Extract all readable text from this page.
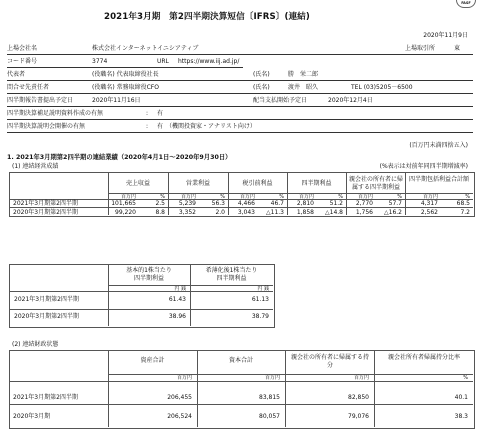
FASF
2021年3月期　第2四半期決算短信〔IFRS〕(連結)
2020年11月9日
上場会社名	株式会社インターネットイニシアティブ	上場取引所	東
コード番号	3774	URL https://www.iij.ad.jp/
代表者	(役職名) 代表取締役社長	(氏名)	勝　栄二郎
問合せ先責任者	(役職名) 常務取締役CFO	(氏名)	渡井　昭久	TEL (03)5205－6500
四半期報告書提出予定日	2020年11月16日	配当支払開始予定日	2020年12月4日
四半期決算補足説明資料作成の有無	: 有
四半期決算説明会開催の有無	: 有　（機関投資家・アナリスト向け）
(百万円未満四捨五入)
1. 2021年3月期第2四半期の連結業績（2020年4月1日～2020年9月30日）
(1) 連結経営成績	(%表示は対前年同四半期増減率)
売上収益	営業利益	税引前利益	四半期利益
親会社の所有者に帰属する四半期利益
四半期包括利益合計額
百万円	%	百万円	%	百万円	%	百万円	%	百万円	%	百万円	%
2021年3月期第2四半期	101,665	2.5	5,239	56.3	4,466	46.7	2,810	51.2	2,770	57.7	4,317	68.5
2020年3月期第2四半期	99,220	8.8	3,352	2.0	3,043	△11.3	1,858	△14.8	1,756	△16.2	2,562	7.2
基本的1株当たり
四半期利益
希薄化後1株当たり
四半期利益
円 銭	円 銭
2021年3月期第2四半期	61.43	61.13
2020年3月期第2四半期	38.96	38.79
(2) 連結財政状態
資産合計	資本合計	親会社の所有者に帰属する持分
親会社所有者帰属持分比率
百万円	百万円	百万円	%
2021年3月期第2四半期	206,455	83,815	82,850	40.1
2020年3月期	206,524	80,057	79,076	38.3
